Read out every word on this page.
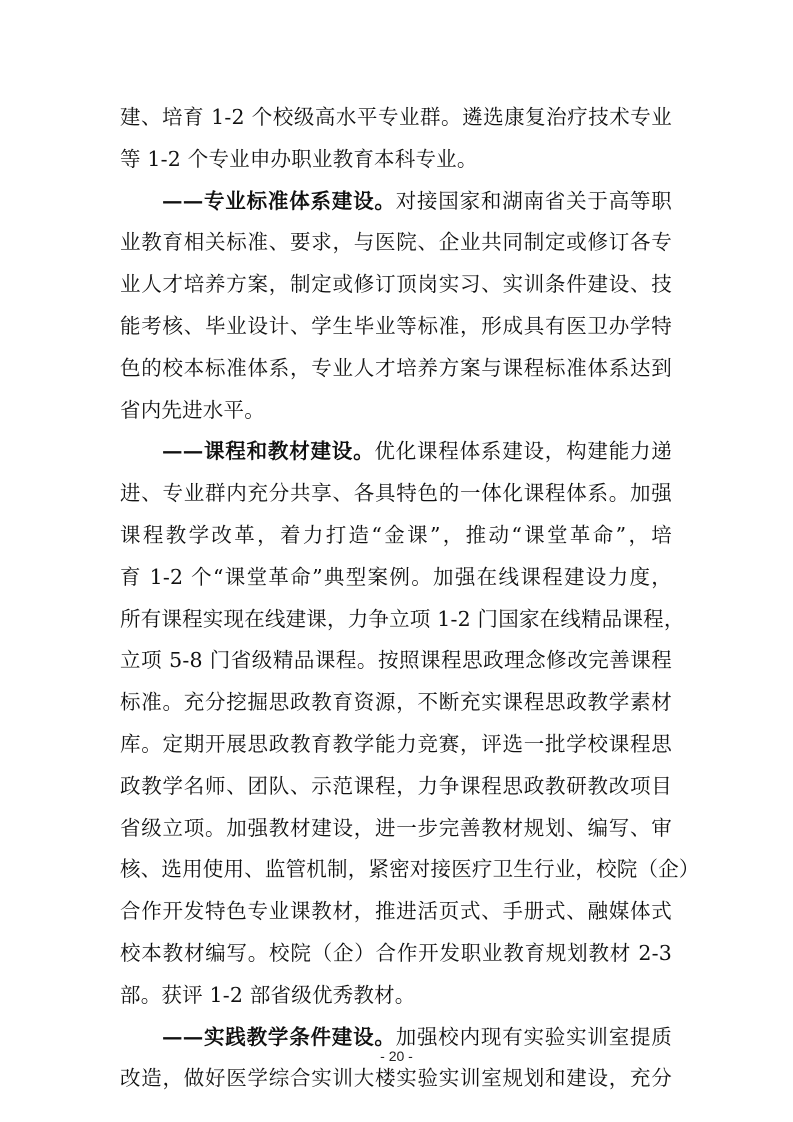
建、培育 1-2 个校级高水平专业群。遴选康复治疗技术专业
等 1-2 个专业申办职业教育本科专业。
——专业标准体系建设。对接国家和湖南省关于高等职
业教育相关标准、要求，与医院、企业共同制定或修订各专
业人才培养方案，制定或修订顶岗实习、实训条件建设、技
能考核、毕业设计、学生毕业等标准，形成具有医卫办学特
色的校本标准体系，专业人才培养方案与课程标准体系达到
省内先进水平。
——课程和教材建设。优化课程体系建设，构建能力递
进、专业群内充分共享、各具特色的一体化课程体系。加强
课程教学改革，着力打造“金课”，推动“课堂革命”，培
育 1-2 个“课堂革命”典型案例。加强在线课程建设力度，
所有课程实现在线建课，力争立项 1-2 门国家在线精品课程，
立项 5-8 门省级精品课程。按照课程思政理念修改完善课程
标准。充分挖掘思政教育资源，不断充实课程思政教学素材
库。定期开展思政教育教学能力竞赛，评选一批学校课程思
政教学名师、团队、示范课程，力争课程思政教研教改项目
省级立项。加强教材建设，进一步完善教材规划、编写、审
核、选用使用、监管机制，紧密对接医疗卫生行业，校院（企）
合作开发特色专业课教材，推进活页式、手册式、融媒体式
校本教材编写。校院（企）合作开发职业教育规划教材 2-3
部。获评 1-2 部省级优秀教材。
——实践教学条件建设。加强校内现有实验实训室提质
改造，做好医学综合实训大楼实验实训室规划和建设，充分
- 20 -
